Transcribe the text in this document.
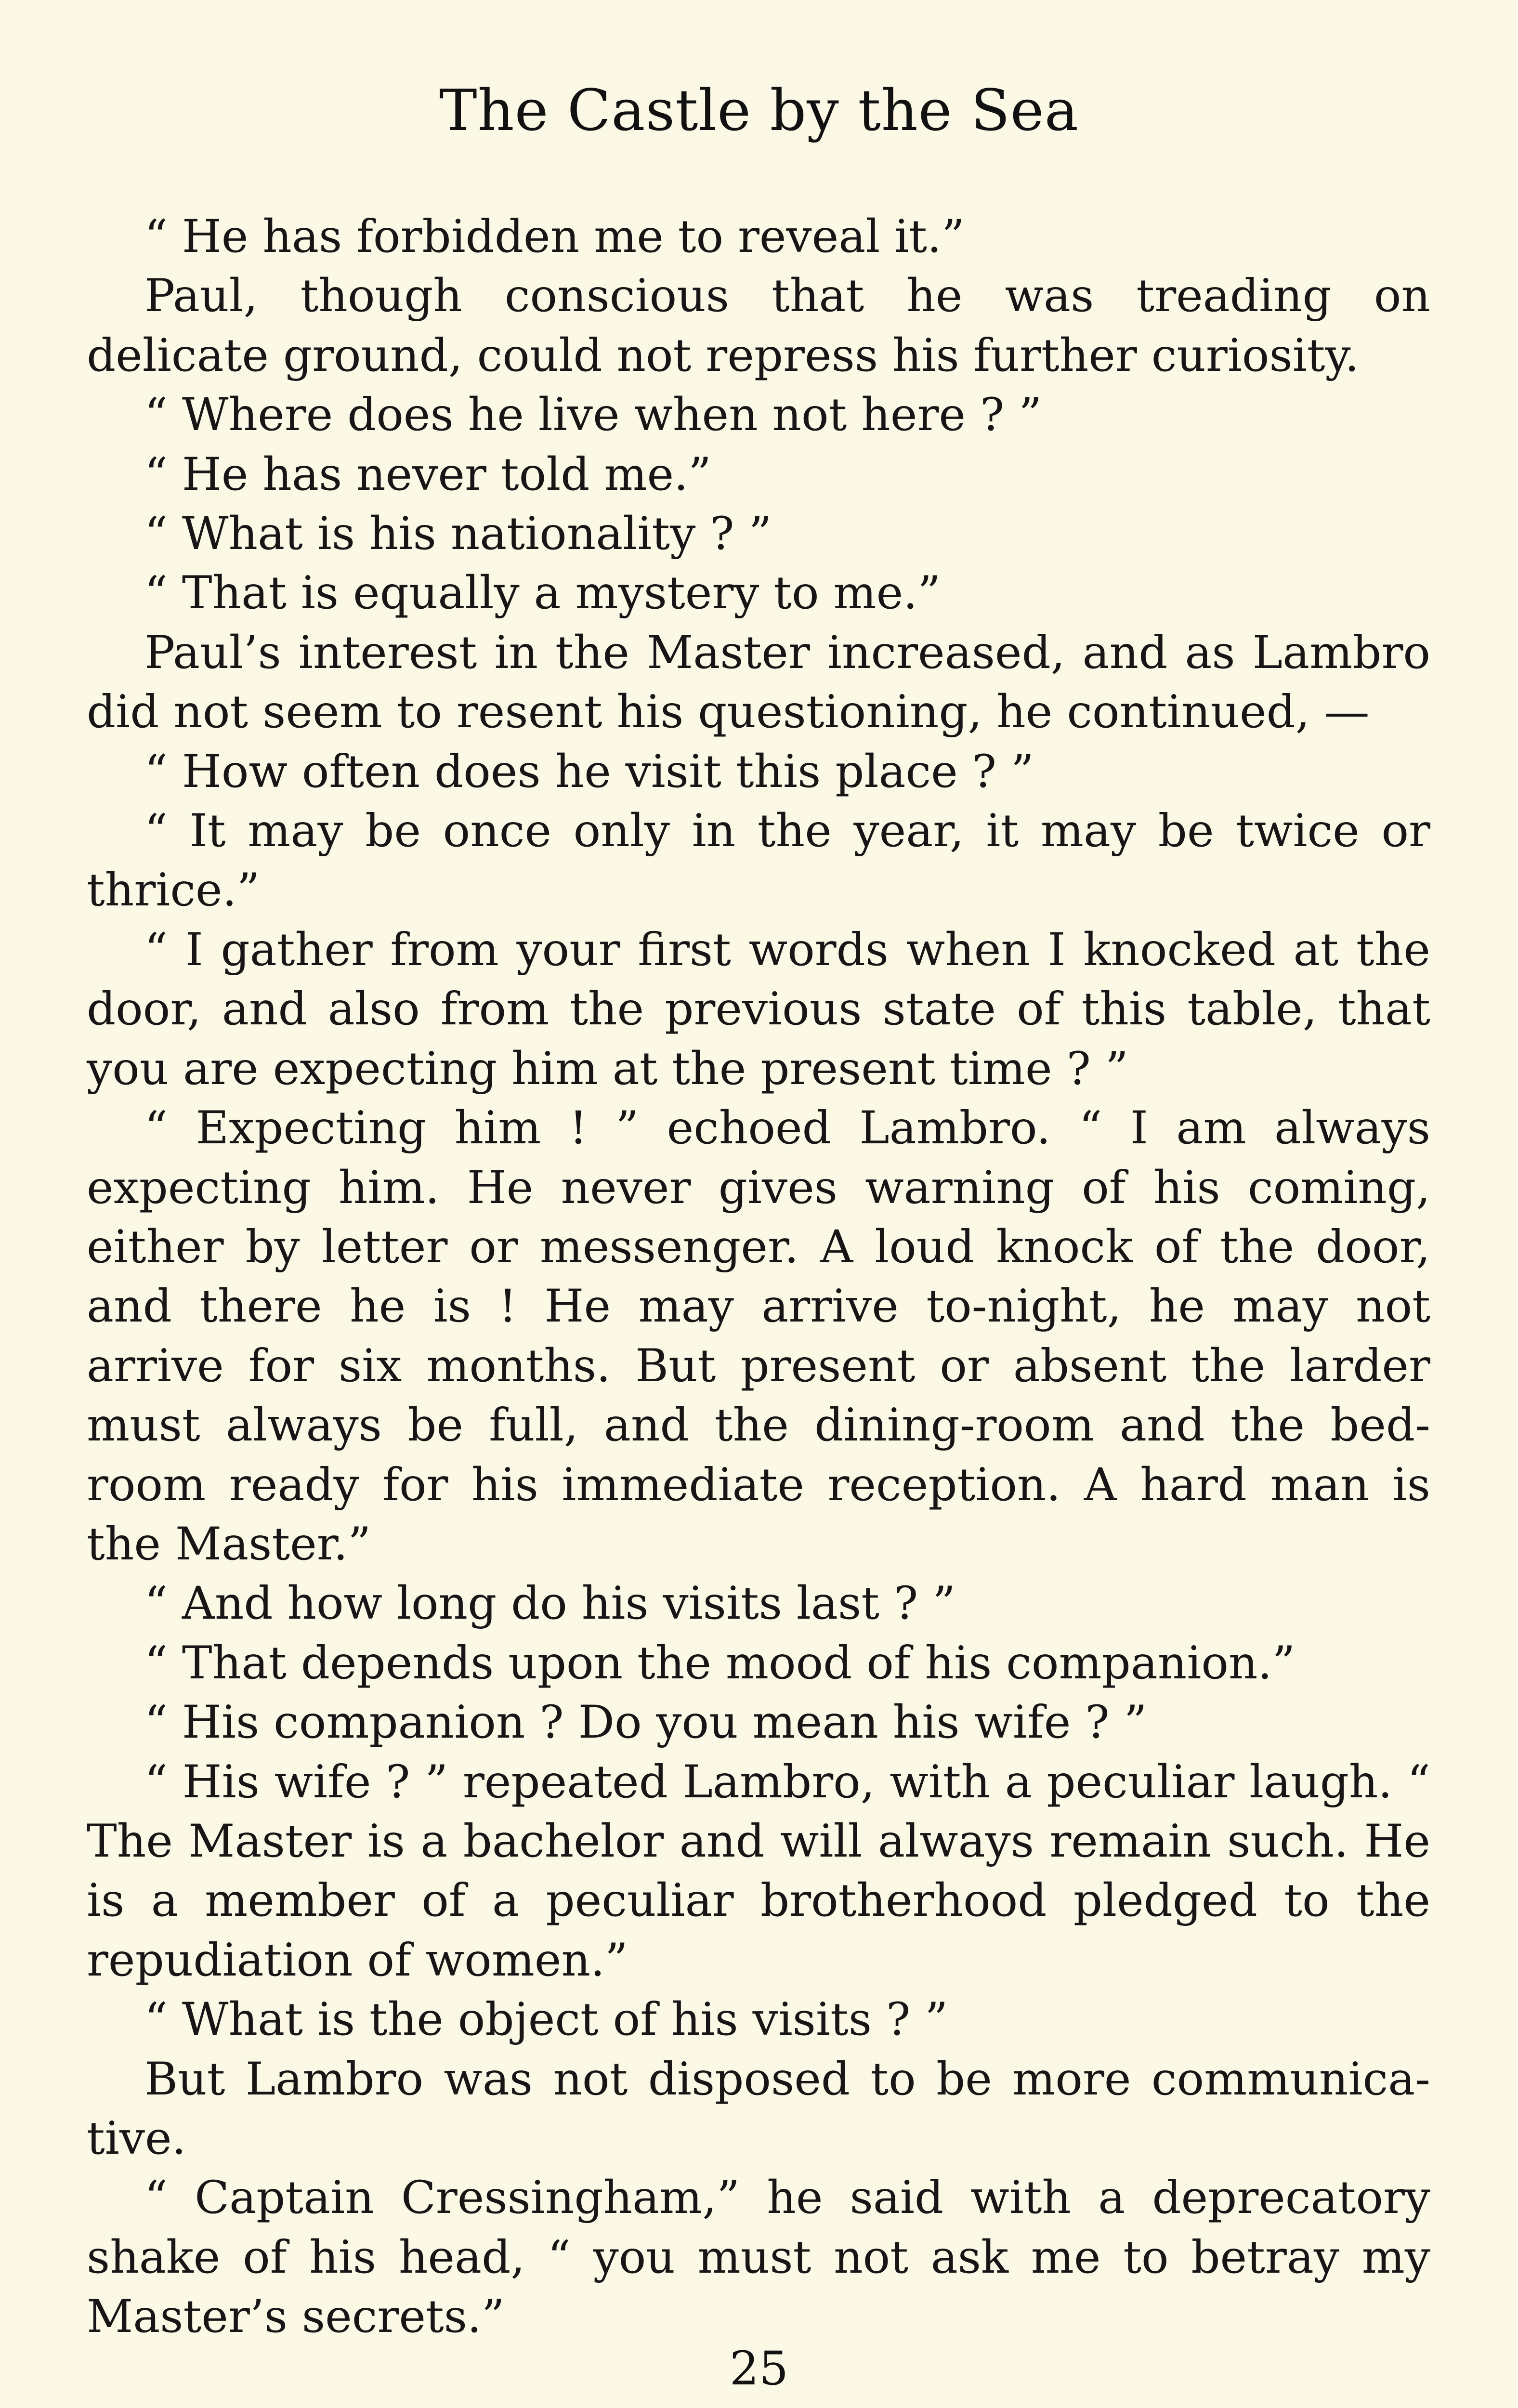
The Castle by the Sea

“ He has forbidden me to reveal it.”

Paul, though conscious that he was treading on delicate ground, could not repress his further curiosity.

“ Where does he live when not here ? ”

“ He has never told me.”

“ What is his nationality ? ”

“ That is equally a mystery to me.”

Paul’s interest in the Master increased, and as Lambro did not seem to resent his questioning, he continued, —

“ How often does he visit this place ? ”

“ It may be once only in the year, it may be twice or thrice.”

“ I gather from your first words when I knocked at the door, and also from the previous state of this table, that you are expecting him at the present time ? ”

“ Expecting him ! ” echoed Lambro. “ I am always expecting him. He never gives warning of his coming, either by letter or messenger. A loud knock of the door, and there he is ! He may arrive to-night, he may not arrive for six months. But present or absent the larder must always be full, and the dining-room and the bed-room ready for his immediate reception. A hard man is the Master.”

“ And how long do his visits last ? ”

“ That depends upon the mood of his companion.”

“ His companion ? Do you mean his wife ? ”

“ His wife ? ” repeated Lambro, with a peculiar laugh. “ The Master is a bachelor and will always remain such. He is a member of a peculiar brotherhood pledged to the repudiation of women.”

“ What is the object of his visits ? ”

But Lambro was not disposed to be more communica-tive.

“ Captain Cressingham,” he said with a deprecatory shake of his head, “ you must not ask me to betray my Master’s secrets.”

25
